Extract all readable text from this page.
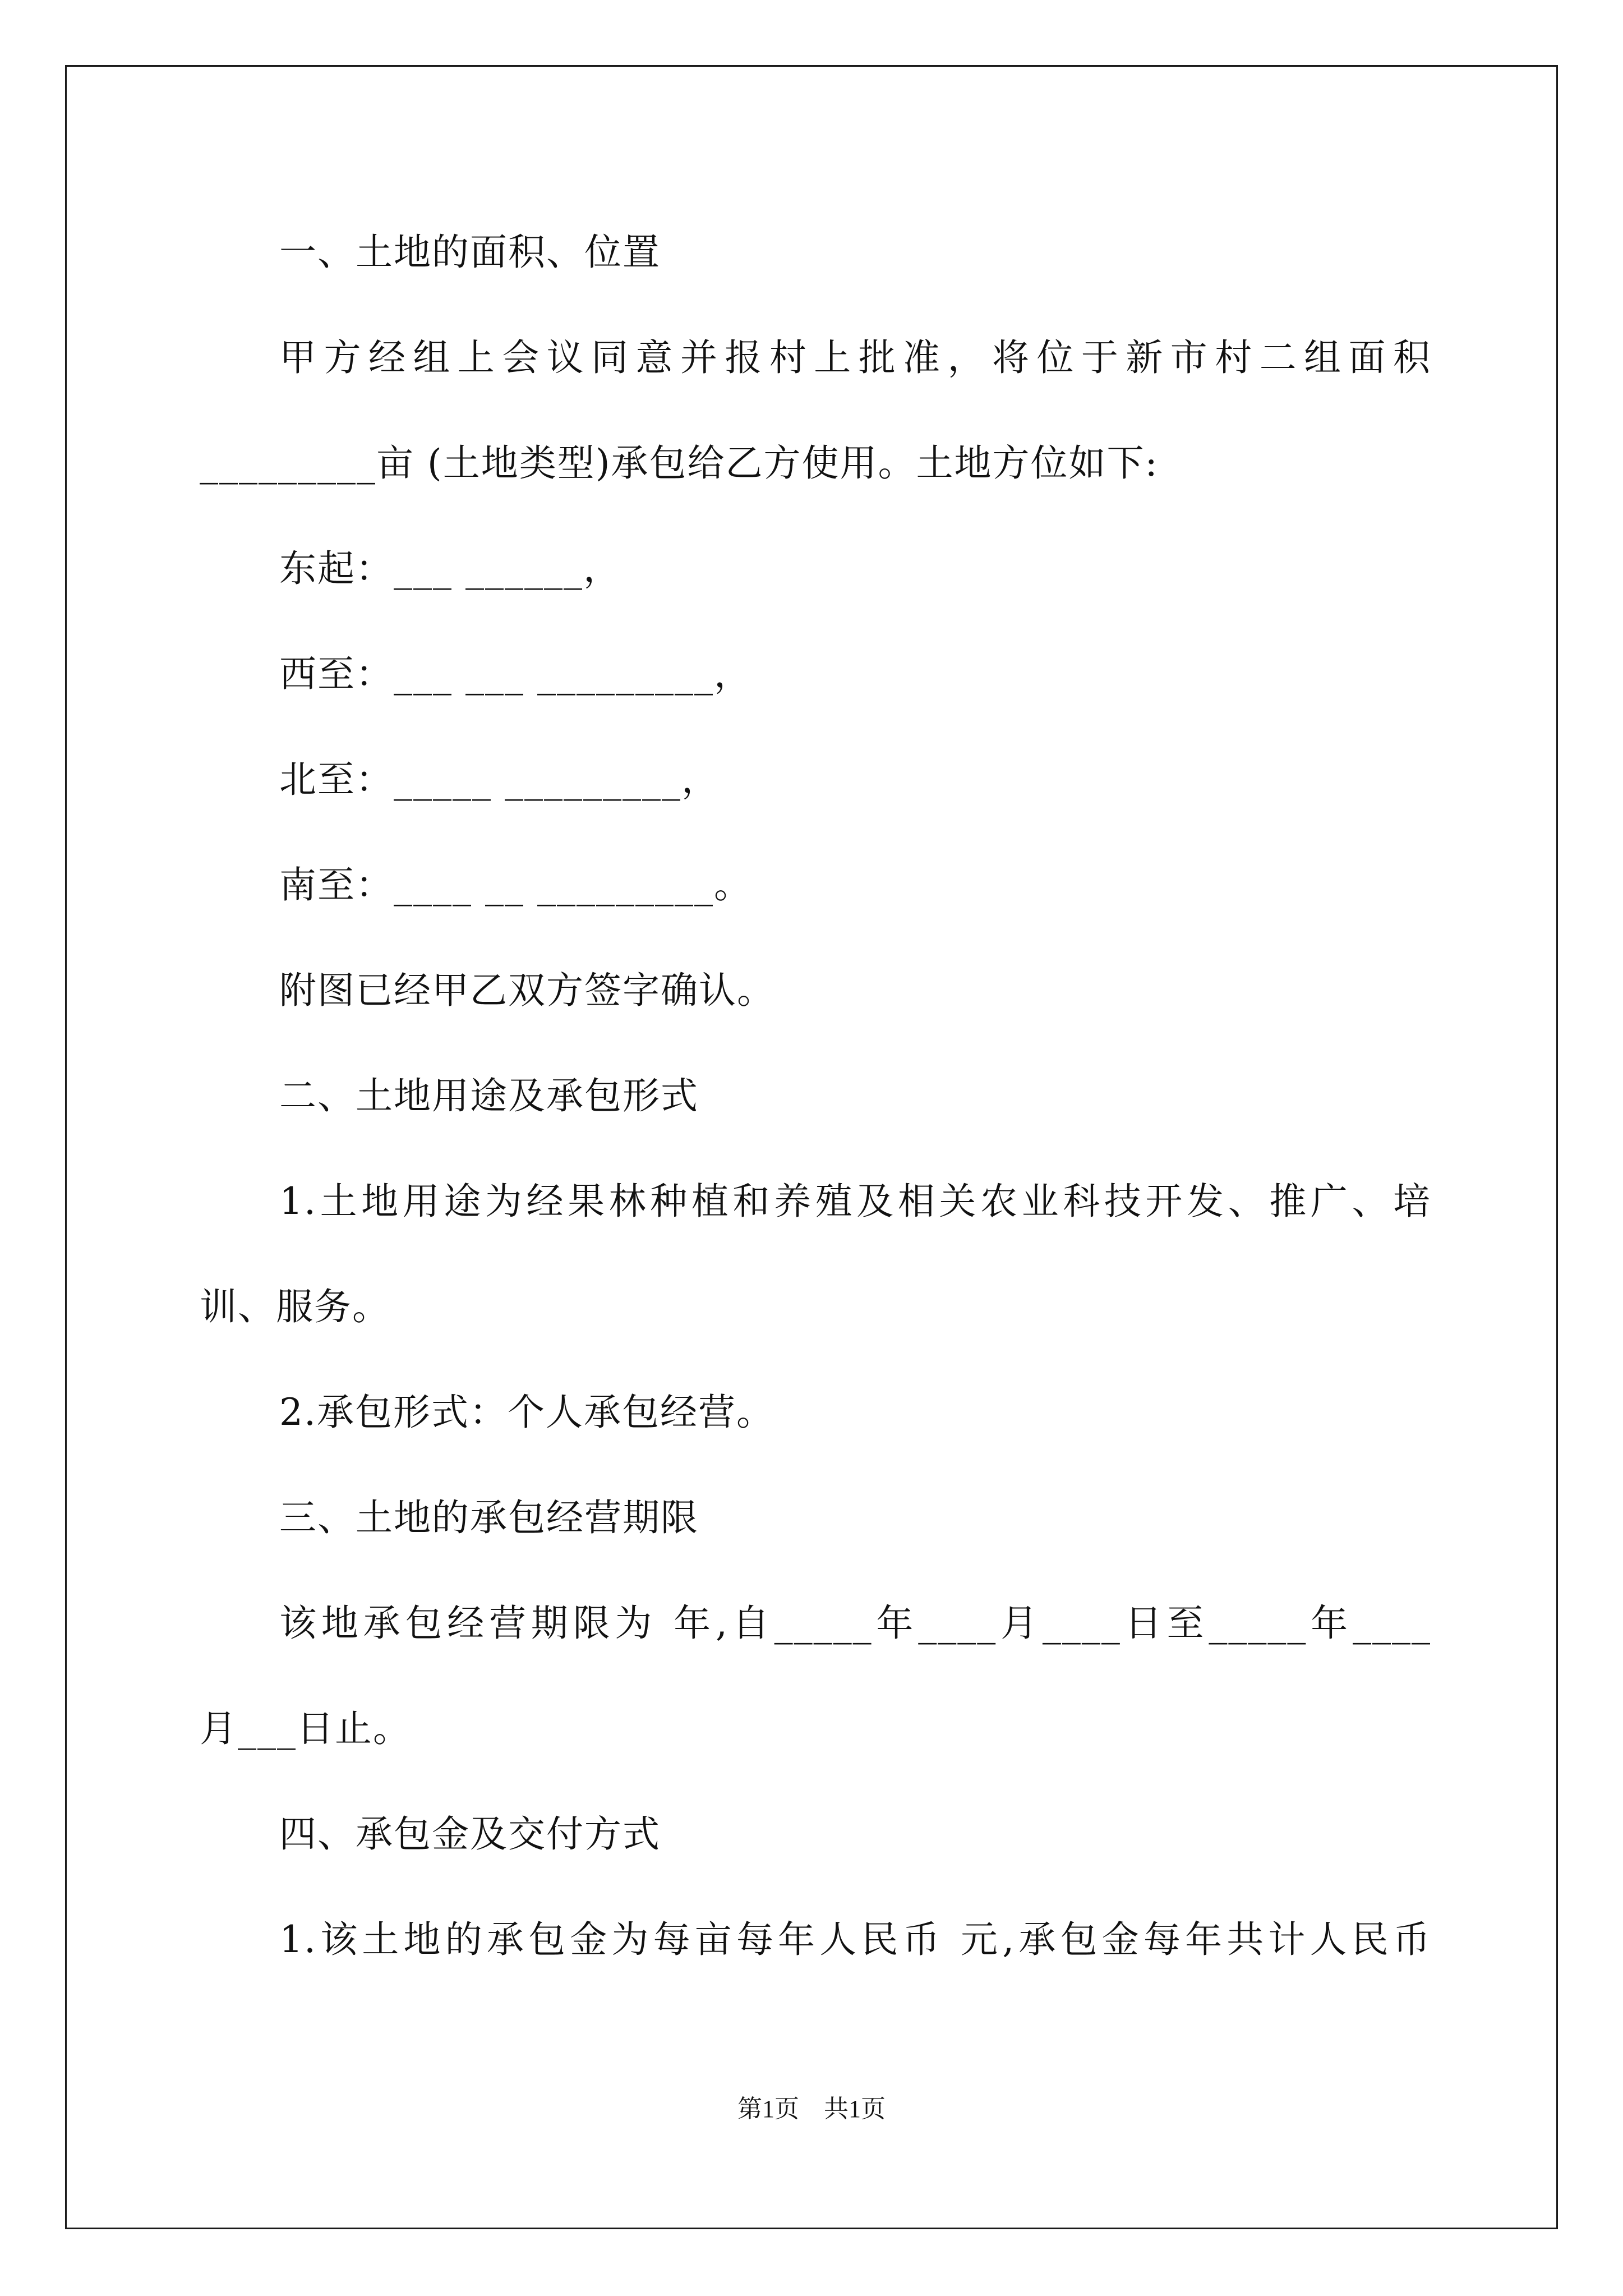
一、土地的面积、位置
甲方经组上会议同意并报村上批准，将位于新市村二组面积
_________亩 (土地类型)承包给乙方使用。土地方位如下:
东起：___ ______，
西至：___ ___ _________，
北至：_____ _________，
南至：____ __ _________。
附图已经甲乙双方签字确认。
二、土地用途及承包形式
1.土地用途为经果林种植和养殖及相关农业科技开发、推广、培
训、服务。
2.承包形式：个人承包经营。
三、土地的承包经营期限
该地承包经营期限为 年,自_____年____月____日至_____年____
月___日止。
四、承包金及交付方式
1.该土地的承包金为每亩每年人民币 元,承包金每年共计人民币
第1页　共1页
